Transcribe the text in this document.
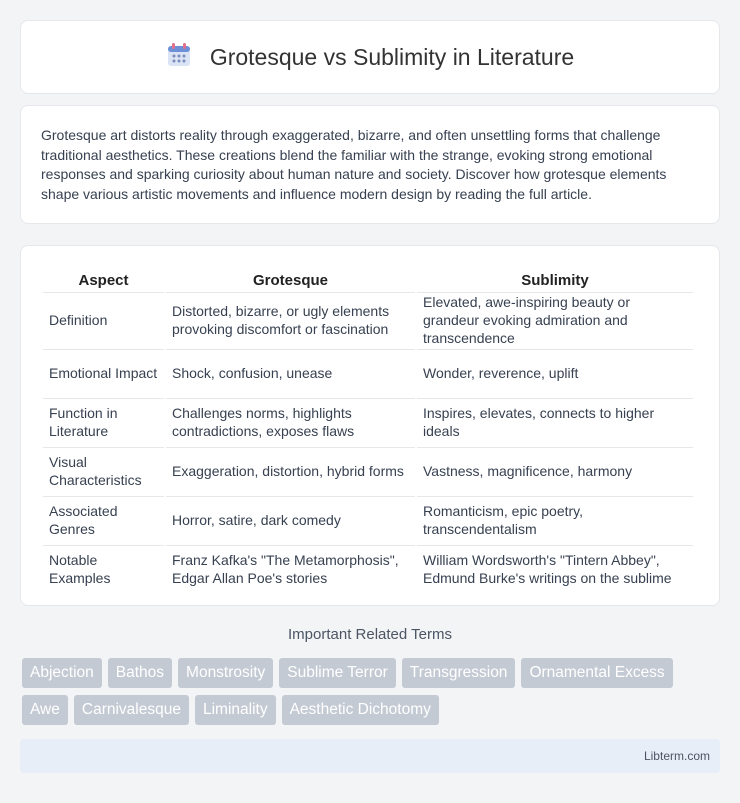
Grotesque vs Sublimity in Literature

Grotesque art distorts reality through exaggerated, bizarre, and often unsettling forms that challenge traditional aesthetics. These creations blend the familiar with the strange, evoking strong emotional responses and sparking curiosity about human nature and society. Discover how grotesque elements shape various artistic movements and influence modern design by reading the full article.

Aspect	Grotesque	Sublimity
Definition	Distorted, bizarre, or ugly elements provoking discomfort or fascination	Elevated, awe-inspiring beauty or grandeur evoking admiration and transcendence
Emotional Impact	Shock, confusion, unease	Wonder, reverence, uplift
Function in Literature	Challenges norms, highlights contradictions, exposes flaws	Inspires, elevates, connects to higher ideals
Visual Characteristics	Exaggeration, distortion, hybrid forms	Vastness, magnificence, harmony
Associated Genres	Horror, satire, dark comedy	Romanticism, epic poetry, transcendentalism
Notable Examples	Franz Kafka's "The Metamorphosis", Edgar Allan Poe's stories	William Wordsworth's "Tintern Abbey", Edmund Burke's writings on the sublime
Important Related Terms
Abjection	Bathos	Monstrosity	Sublime Terror	Transgression	Ornamental Excess
Awe	Carnivalesque	Liminality	Aesthetic Dichotomy
Libterm.com
